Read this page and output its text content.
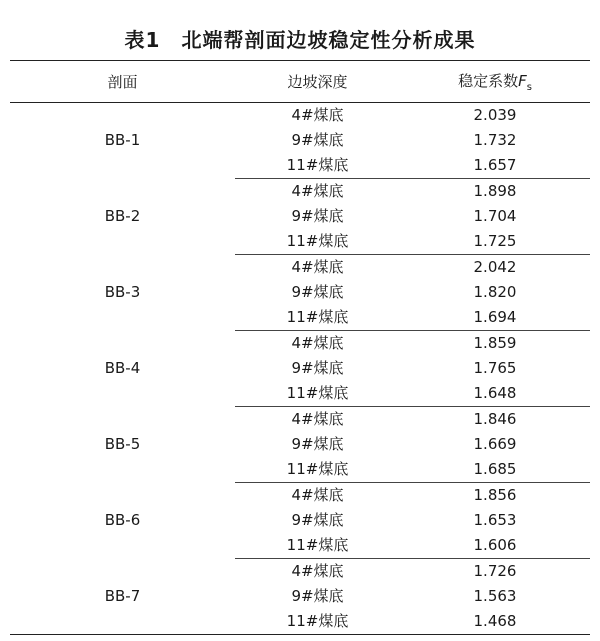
表1　北端帮剖面边坡稳定性分析成果
剖面	边坡深度	稳定系数$F_s$
BB-1	4#煤底	2.039
	9#煤底	1.732
	11#煤底	1.657
BB-2	4#煤底	1.898
	9#煤底	1.704
	11#煤底	1.725
BB-3	4#煤底	2.042
	9#煤底	1.820
	11#煤底	1.694
BB-4	4#煤底	1.859
	9#煤底	1.765
	11#煤底	1.648
BB-5	4#煤底	1.846
	9#煤底	1.669
	11#煤底	1.685
BB-6	4#煤底	1.856
	9#煤底	1.653
	11#煤底	1.606
BB-7	4#煤底	1.726
	9#煤底	1.563
	11#煤底	1.468
